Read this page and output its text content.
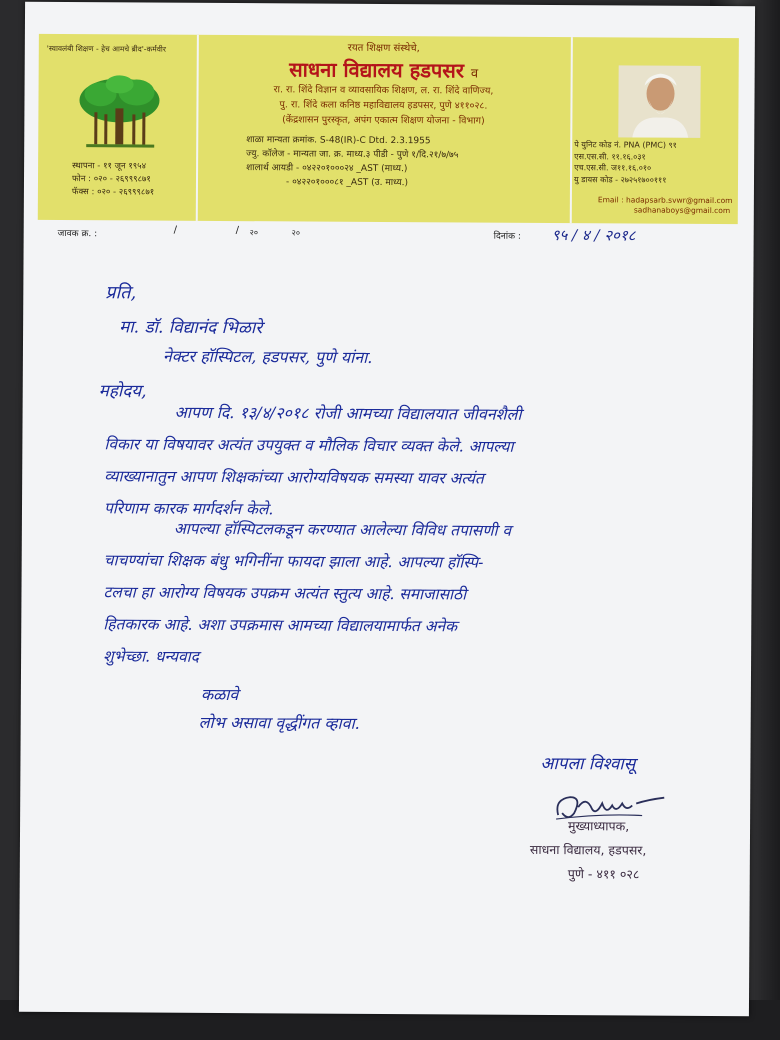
'स्वावलंबी शिक्षण - हेच आमचे ब्रीद'-कर्मवीर
स्थापना - ११ जून १९५४
फोन : ०२० - २६९९९८७१
फॅक्स : ०२० - २६९९९८७१
रयत शिक्षण संस्थेचे,
साधना विद्यालय हडपसर व
रा. रा. शिंदे विज्ञान व व्यावसायिक शिक्षण, ल. रा. शिंदे वाणिज्य,
पु. रा. शिंदे कला कनिष्ठ महाविद्यालय हडपसर, पुणे ४११०२८.
(केंद्रशासन पुरस्कृत, अपंग एकात्म शिक्षण योजना - विभाग)
शाळा मान्यता क्रमांक. S-48(IR)-C Dtd. 2.3.1955
ज्यु. कॉलेज - मान्यता जा. क्र. माध्य.३ पीडी - पुणे १/दि.२१/७/७५
शालार्थ आयडी - ०४२२०१०००२४ _AST (माध्य.)
- ०४२२०१०००८१ _AST (उ. माध्य.)
पे युनिट कोड नं. PNA (PMC) ९१
एस.एस.सी. ११.१६.०३१
एच.एस.सी. ज११.१६.०१०
यु डायस कोड - २७२५१७००१११
Email : hadapsarb.svwr@gmail.com
sadhanaboys@gmail.com
जावक क्र. :	/	/ २०	२०	दिनांक : ९५ / ४ / २०१८
प्रति,
मा. डॉ. विद्यानंद भिळारे
नेक्टर हॉस्पिटल, हडपसर, पुणे यांना.
महोदय,
आपण दि. १३/४/२०१८ रोजी आमच्या विद्यालयात जीवनशैली
विकार या विषयावर अत्यंत उपयुक्त व मौलिक विचार व्यक्त केले. आपल्या
व्याख्यानातुन आपण शिक्षकांच्या आरोग्यविषयक समस्या यावर अत्यंत
परिणाम कारक मार्गदर्शन केले.
आपल्या हॉस्पिटलकडून करण्यात आलेल्या विविध तपासणी व
चाचण्यांचा शिक्षक बंधु भगिनींना फायदा झाला आहे. आपल्या हॉस्पि-
टलचा हा आरोग्य विषयक उपक्रम अत्यंत स्तुत्य आहे. समाजासाठी
हितकारक आहे. अशा उपक्रमास आमच्या विद्यालयामार्फत अनेक
शुभेच्छा. धन्यवाद
कळावे
लोभ असावा वृद्धींगत व्हावा.
आपला विश्वासू
मुख्याध्यापक,
साधना विद्यालय, हडपसर,
पुणे - ४११ ०२८
